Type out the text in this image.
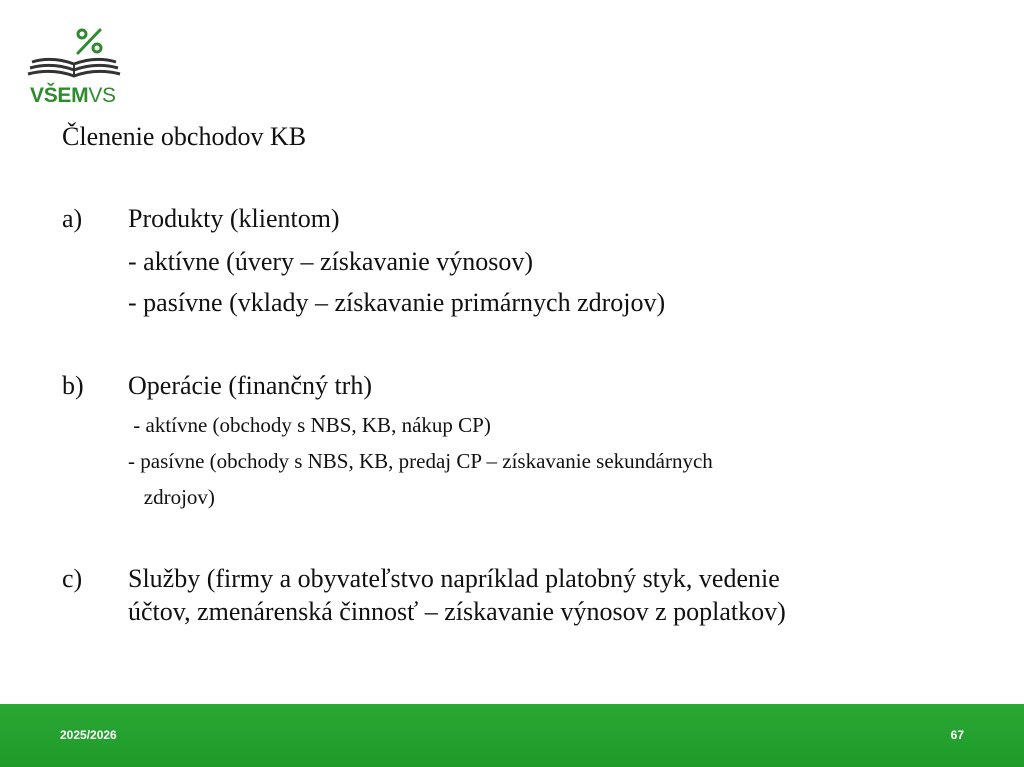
VŠEMVS
Členenie obchodov KB
a) Produkty (klientom)
- aktívne (úvery – získavanie výnosov)
- pasívne (vklady – získavanie primárnych zdrojov)
b) Operácie (finančný trh)
- aktívne (obchody s NBS, KB, nákup CP)
- pasívne (obchody s NBS, KB, predaj CP – získavanie sekundárnych
zdrojov)
c) Služby (firmy a obyvateľstvo napríklad platobný styk, vedenie
účtov, zmenárenská činnosť – získavanie výnosov z poplatkov)
2025/2026	67
